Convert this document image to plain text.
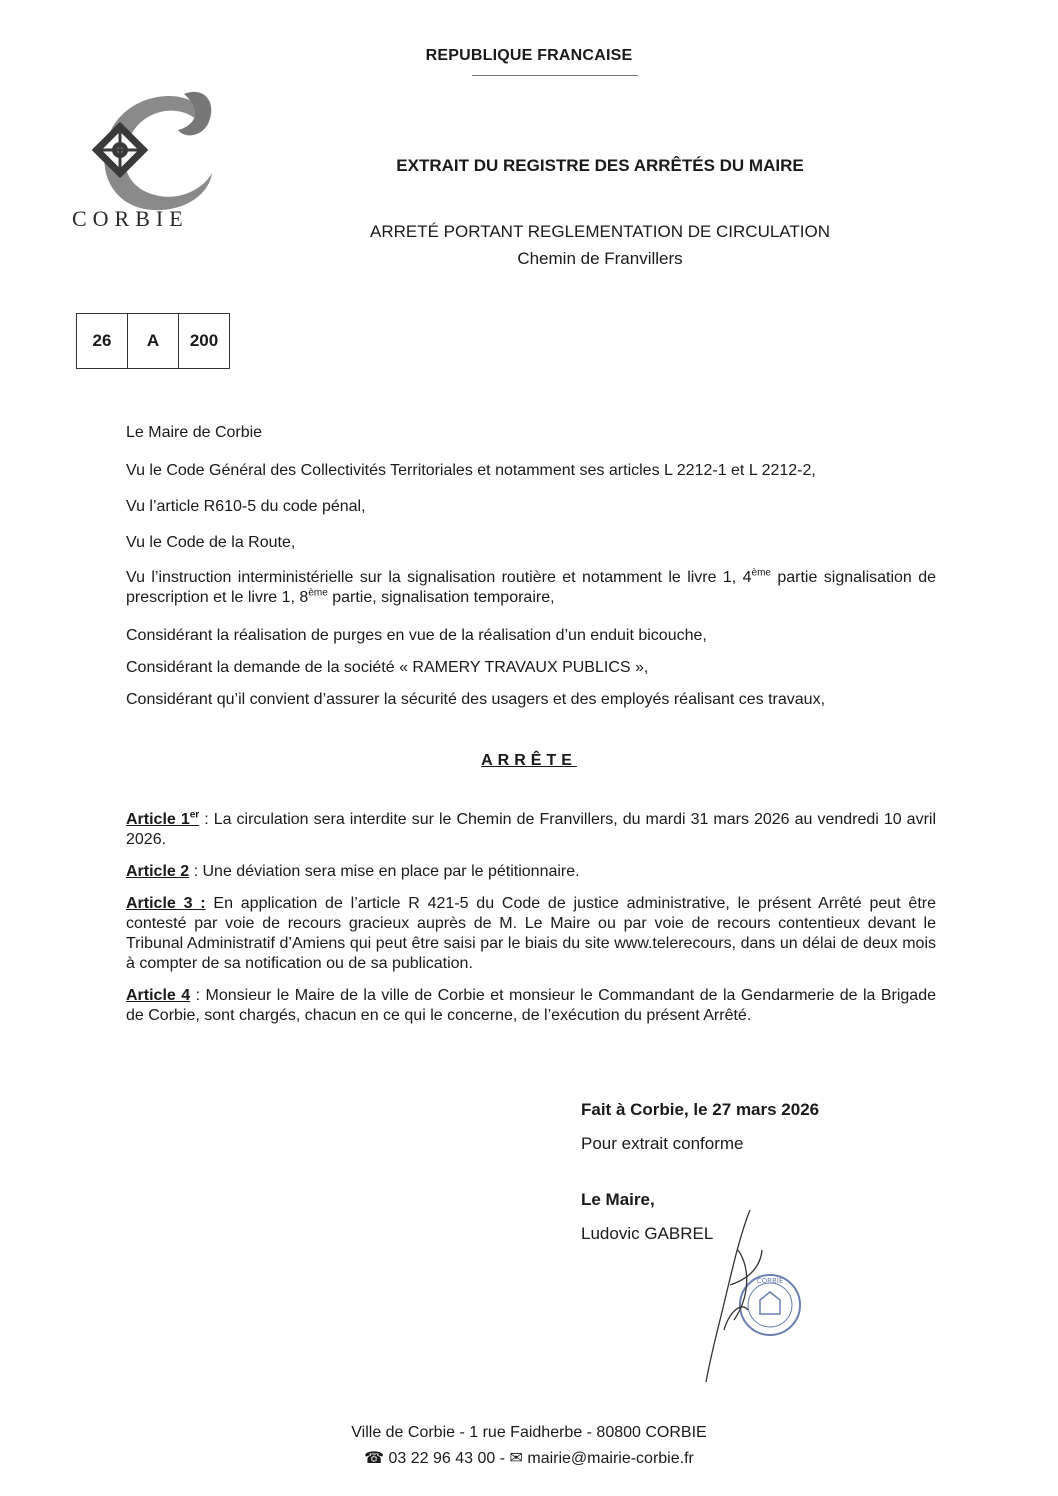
REPUBLIQUE FRANCAISE
CORBIE
EXTRAIT DU REGISTRE DES ARRÊTÉS DU MAIRE
ARRETÉ PORTANT REGLEMENTATION DE CIRCULATION
Chemin de Franvillers
26	A	200

Le Maire de Corbie

Vu le Code Général des Collectivités Territoriales et notamment ses articles L 2212-1 et L 2212-2,

Vu l’article R610-5 du code pénal,

Vu le Code de la Route,

Vu l’instruction interministérielle sur la signalisation routière et notamment le livre 1, 4ème partie signalisation de prescription et le livre 1, 8ème partie, signalisation temporaire,

Considérant la réalisation de purges en vue de la réalisation d’un enduit bicouche,

Considérant la demande de la société « RAMERY TRAVAUX PUBLICS »,

Considérant qu’il convient d’assurer la sécurité des usagers et des employés réalisant ces travaux,

ARRÊTE

Article 1er : La circulation sera interdite sur le Chemin de Franvillers, du mardi 31 mars 2026 au vendredi 10 avril 2026.

Article 2 : Une déviation sera mise en place par le pétitionnaire.

Article 3 : En application de l’article R 421-5 du Code de justice administrative, le présent Arrêté peut être contesté par voie de recours gracieux auprès de M. Le Maire ou par voie de recours contentieux devant le Tribunal Administratif d’Amiens qui peut être saisi par le biais du site www.telerecours, dans un délai de deux mois à compter de sa notification ou de sa publication.

Article 4 : Monsieur le Maire de la ville de Corbie et monsieur le Commandant de la Gendarmerie de la Brigade de Corbie, sont chargés, chacun en ce qui le concerne, de l’exécution du présent Arrêté.

Fait à Corbie, le 27 mars 2026
Pour extrait conforme
Le Maire,
Ludovic GABREL
CORBIE
Ville de Corbie - 1 rue Faidherbe - 80800 CORBIE
☎ 03 22 96 43 00 - ✉ mairie@mairie-corbie.fr
